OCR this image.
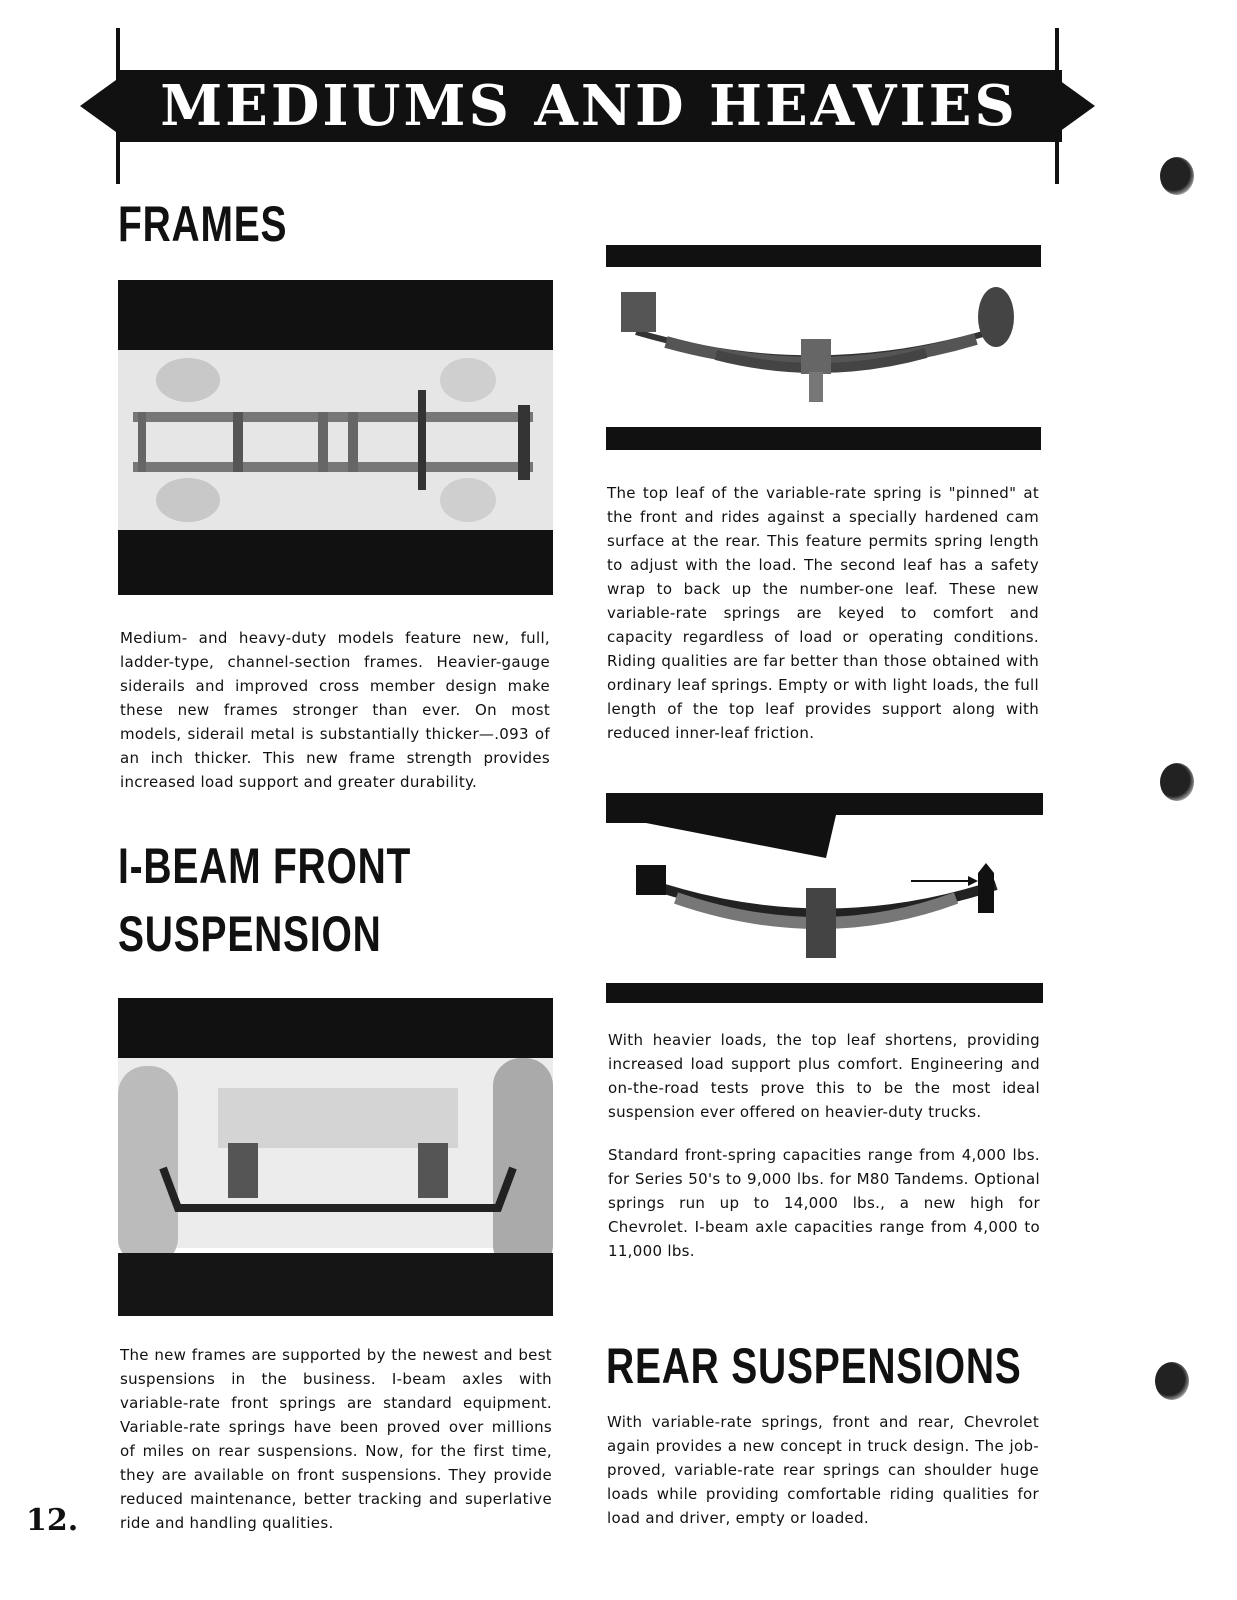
MEDIUMS AND HEAVIES
FRAMES
Medium- and heavy-duty models feature new, full, ladder-type, channel-section frames. Heavier-gauge siderails and improved cross member design make these new frames stronger than ever. On most models, siderail metal is substantially thicker—.093 of an inch thicker. This new frame strength provides increased load support and greater durability.
I-BEAM FRONT
SUSPENSION
The new frames are supported by the newest and best suspensions in the business. I-beam axles with variable-rate front springs are standard equipment. Variable-rate springs have been proved over millions of miles on rear suspensions. Now, for the first time, they are available on front suspensions. They provide reduced maintenance, better tracking and superlative ride and handling qualities.
12.
The top leaf of the variable-rate spring is "pinned" at the front and rides against a specially hardened cam surface at the rear. This feature permits spring length to adjust with the load. The second leaf has a safety wrap to back up the number-one leaf. These new variable-rate springs are keyed to comfort and capacity regardless of load or operating conditions. Riding qualities are far better than those obtained with ordinary leaf springs. Empty or with light loads, the full length of the top leaf provides support along with reduced inner-leaf friction.
With heavier loads, the top leaf shortens, providing increased load support plus comfort. Engineering and on-the-road tests prove this to be the most ideal suspension ever offered on heavier-duty trucks.
Standard front-spring capacities range from 4,000 lbs. for Series 50's to 9,000 lbs. for M80 Tandems. Optional springs run up to 14,000 lbs., a new high for Chevrolet. I-beam axle capacities range from 4,000 to 11,000 lbs.
REAR SUSPENSIONS
With variable-rate springs, front and rear, Chevrolet again provides a new concept in truck design. The job-proved, variable-rate rear springs can shoulder huge loads while providing comfortable riding qualities for load and driver, empty or loaded.
